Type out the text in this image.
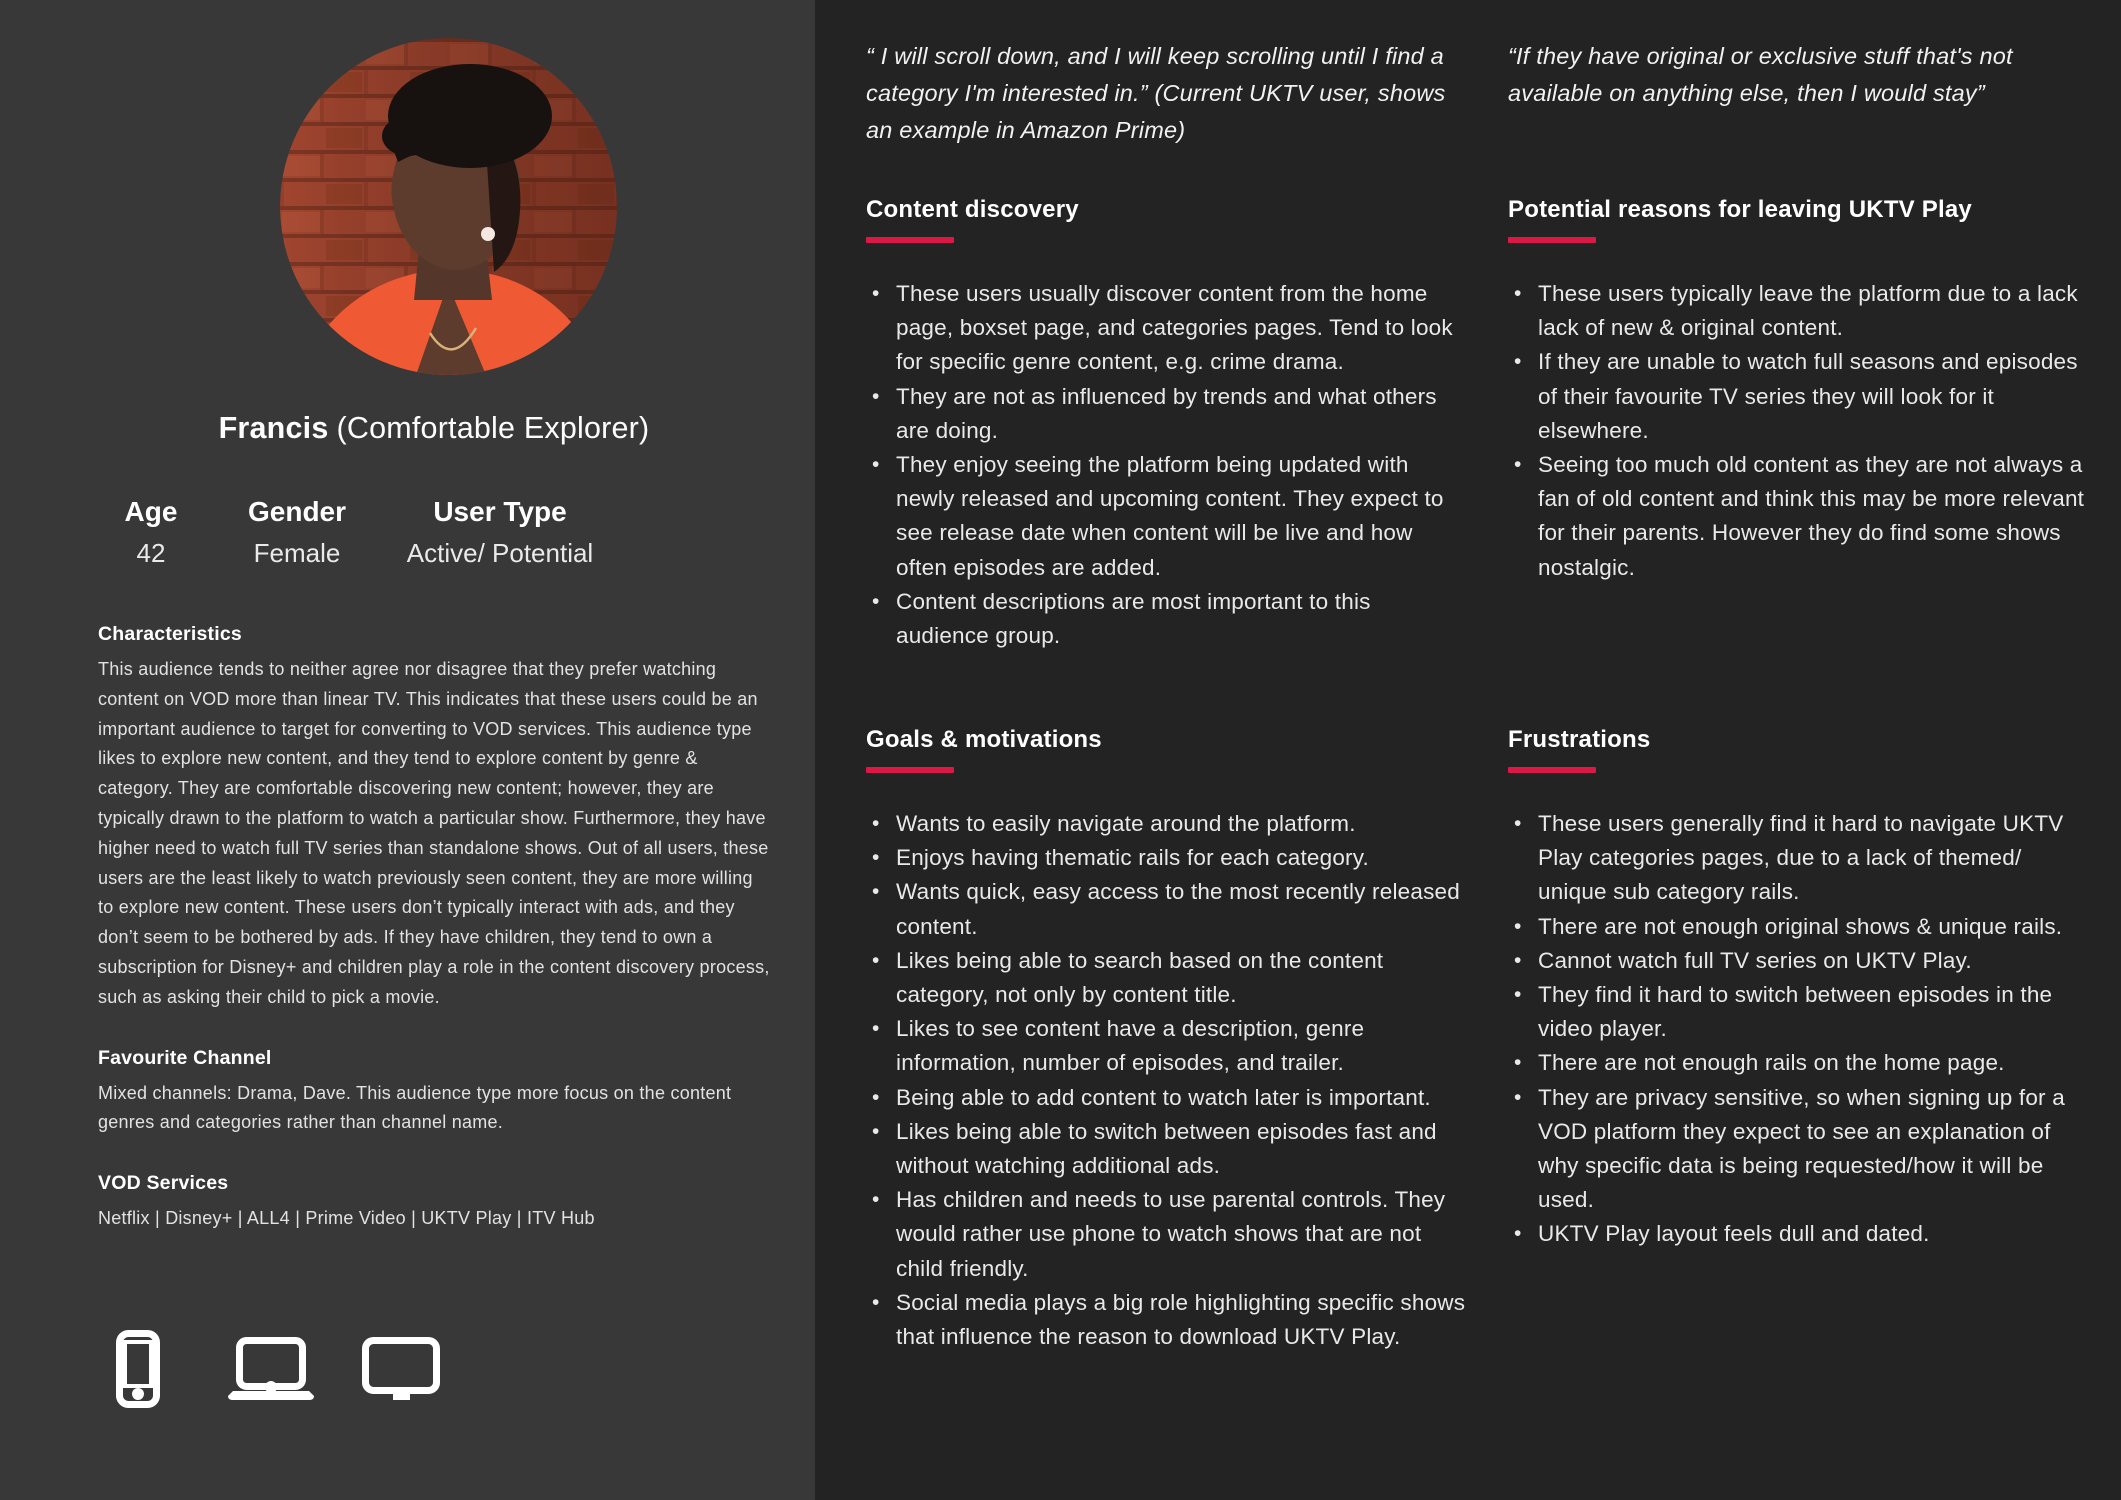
Francis (Comfortable Explorer)
Age
42
Gender
Female
User Type
Active/ Potential
Characteristics

This audience tends to neither agree nor disagree that they prefer watching content on VOD more than linear TV. This indicates that these users could be an important audience to target for converting to VOD services. This audience type likes to explore new content, and they tend to explore content by genre & category. They are comfortable discovering new content; however, they are typically drawn to the platform to watch a particular show. Furthermore, they have higher need to watch full TV series than standalone shows. Out of all users, these users are the least likely to watch previously seen content, they are more willing to explore new content. These users don’t typically interact with ads, and they don’t seem to be bothered by ads. If they have children, they tend to own a subscription for Disney+ and children play a role in the content discovery process, such as asking their child to pick a movie.

Favourite Channel

Mixed channels: Drama, Dave. This audience type more focus on the content genres and categories rather than channel name.

VOD Services

Netflix | Disney+ | ALL4 | Prime Video | UKTV Play | ITV Hub

“ I will scroll down, and I will keep scrolling until I find a category I'm interested in.” (Current UKTV user, shows an example in Amazon Prime)

Content discovery
• These users usually discover content from the home page, boxset page, and categories pages. Tend to look for specific genre content, e.g. crime drama.
• They are not as influenced by trends and what others are doing.
• They enjoy seeing the platform being updated with newly released and upcoming content. They expect to see release date when content will be live and how often episodes are added.
• Content descriptions are most important to this audience group.
Goals & motivations
• Wants to easily navigate around the platform.
• Enjoys having thematic rails for each category.
• Wants quick, easy access to the most recently released content.
• Likes being able to search based on the content category, not only by content title.
• Likes to see content have a description, genre information, number of episodes, and trailer.
• Being able to add content to watch later is important.
• Likes being able to switch between episodes fast and without watching additional ads.
• Has children and needs to use parental controls. They would rather use phone to watch shows that are not child friendly.
• Social media plays a big role highlighting specific shows that influence the reason to download UKTV Play.

“If they have original or exclusive stuff that's not available on anything else, then I would stay”

Potential reasons for leaving UKTV Play
• These users typically leave the platform due to a lack lack of new & original content.
• If they are unable to watch full seasons and episodes of their favourite TV series they will look for it elsewhere.
• Seeing too much old content as they are not always a fan of old content and think this may be more relevant for their parents. However they do find some shows nostalgic.
Frustrations
• These users generally find it hard to navigate UKTV Play categories pages, due to a lack of themed/ unique sub category rails.
• There are not enough original shows & unique rails.
• Cannot watch full TV series on UKTV Play.
• They find it hard to switch between episodes in the video player.
• There are not enough rails on the home page.
• They are privacy sensitive, so when signing up for a VOD platform they expect to see an explanation of why specific data is being requested/how it will be used.
• UKTV Play layout feels dull and dated.
